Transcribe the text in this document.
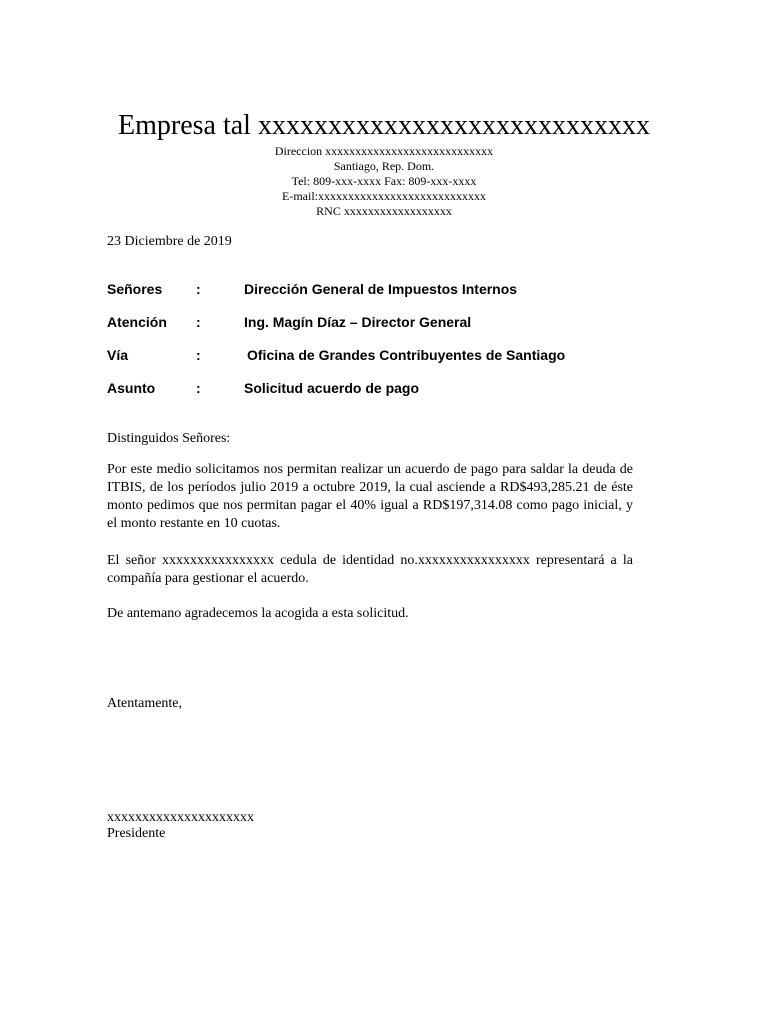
Empresa tal xxxxxxxxxxxxxxxxxxxxxxxxxxxx
Direccion xxxxxxxxxxxxxxxxxxxxxxxxxxxx
Santiago, Rep. Dom.
Tel: 809-xxx-xxxx Fax: 809-xxx-xxxx
E-mail:xxxxxxxxxxxxxxxxxxxxxxxxxxxx
RNC xxxxxxxxxxxxxxxxxx
23 Diciembre de 2019
Señores :	Dirección General de Impuestos Internos
Atención :	Ing. Magín Díaz – Director General
Vía	:	Oficina de Grandes Contribuyentes de Santiago
Asunto	:	Solicitud acuerdo de pago
Distinguidos Señores:
Por este medio solicitamos nos permitan realizar un acuerdo de pago para saldar la deuda de ITBIS, de los períodos julio 2019 a octubre 2019, la cual asciende a RD$493,285.21 de éste monto pedimos que nos permitan pagar el 40% igual a RD$197,314.08 como pago inicial, y el monto restante en 10 cuotas.
El señor xxxxxxxxxxxxxxxx cedula de identidad no.xxxxxxxxxxxxxxxx representará a la compañía para gestionar el acuerdo.
De antemano agradecemos la acogida a esta solicitud.
Atentamente,
xxxxxxxxxxxxxxxxxxxxx
Presidente
